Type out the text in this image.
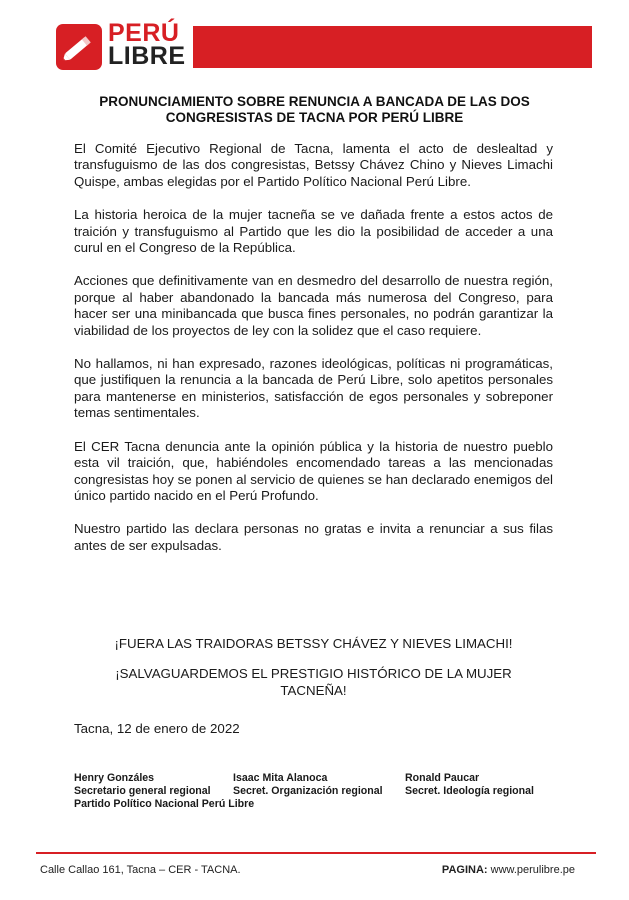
PERÚ
LIBRE
PRONUNCIAMIENTO SOBRE RENUNCIA A BANCADA DE LAS DOS
CONGRESISTAS DE TACNA POR PERÚ LIBRE

El Comité Ejecutivo Regional de Tacna, lamenta el acto de deslealtad y transfuguismo de las dos congresistas, Betssy Chávez Chino y Nieves Limachi Quispe, ambas elegidas por el Partido Político Nacional Perú Libre.

La historia heroica de la mujer tacneña se ve dañada frente a estos actos de traición y transfuguismo al Partido que les dio la posibilidad de acceder a una curul en el Congreso de la República.

Acciones que definitivamente van en desmedro del desarrollo de nuestra región, porque al haber abandonado la bancada más numerosa del Congreso, para hacer ser una minibancada que busca fines personales, no podrán garantizar la viabilidad de los proyectos de ley con la solidez que el caso requiere.

No hallamos, ni han expresado, razones ideológicas, políticas ni programáticas, que justifiquen la renuncia a la bancada de Perú Libre, solo apetitos personales para mantenerse en ministerios, satisfacción de egos personales y sobreponer temas sentimentales.

El CER Tacna denuncia ante la opinión pública y la historia de nuestro pueblo esta vil traición, que, habiéndoles encomendado tareas a las mencionadas congresistas hoy se ponen al servicio de quienes se han declarado enemigos del único partido nacido en el Perú Profundo.

Nuestro partido las declara personas no gratas e invita a renunciar a sus filas antes de ser expulsadas.

¡FUERA LAS TRAIDORAS BETSSY CHÁVEZ Y NIEVES LIMACHI!

¡SALVAGUARDEMOS EL PRESTIGIO HISTÓRICO DE LA MUJER
TACNEÑA!

Tacna, 12 de enero de 2022
Henry Gonzáles
Secretario general regional
Isaac Mita Alanoca
Secret. Organización regional
Ronald Paucar
Secret. Ideología regional
Partido Político Nacional Perú Libre
Calle Callao 161, Tacna – CER - TACNA.	PAGINA: www.perulibre.pe
